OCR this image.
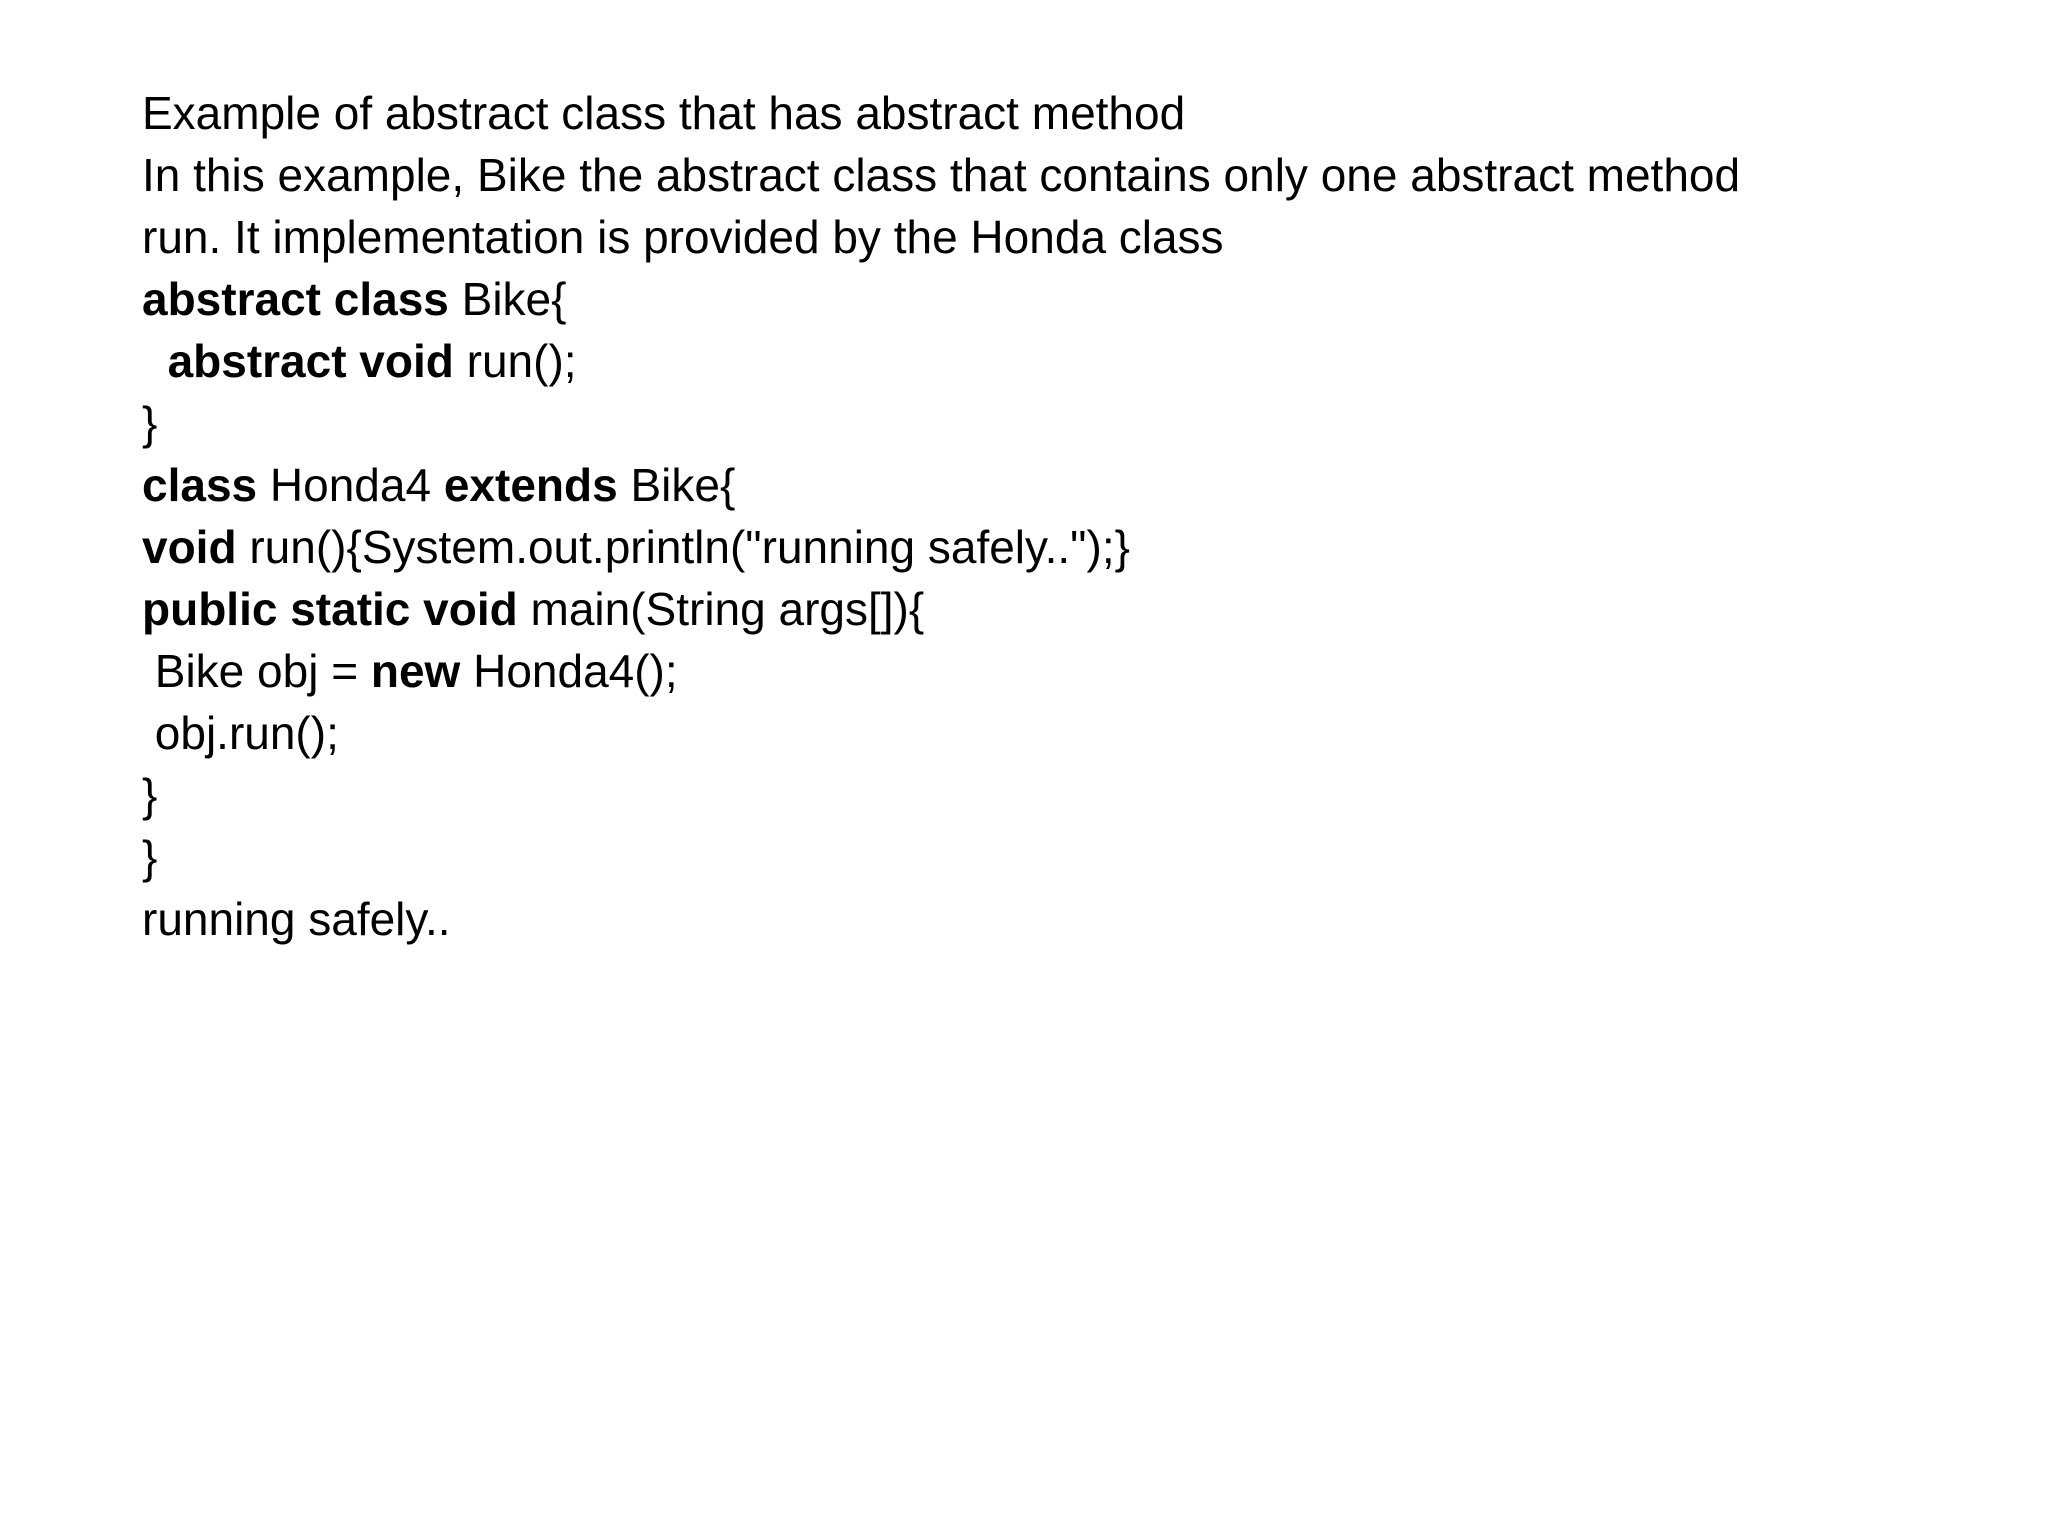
Example of abstract class that has abstract method
In this example, Bike the abstract class that contains only one abstract method
run. It implementation is provided by the Honda class
abstract class Bike{
abstract void run();
}
class Honda4 extends Bike{
void run(){System.out.println("running safely..");}
public static void main(String args[]){
Bike obj = new Honda4();
obj.run();
}
}
running safely..
